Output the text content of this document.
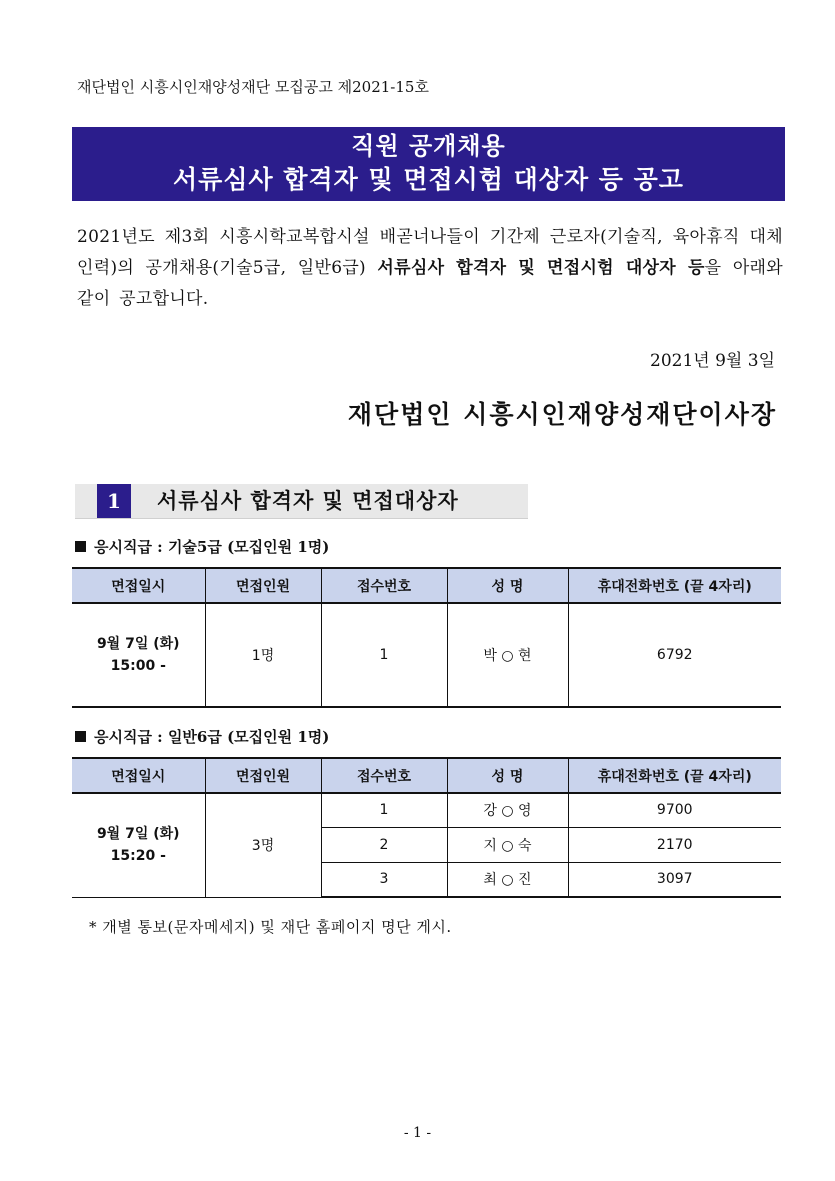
재단법인 시흥시인재양성재단 모집공고 제2021-15호
직원 공개채용
서류심사 합격자 및 면접시험 대상자 등 공고
2021년도 제3회 시흥시학교복합시설 배곧너나들이 기간제 근로자(기술직, 육아휴직 대체인력)의 공개채용(기술5급, 일반6급) 서류심사 합격자 및 면접시험 대상자 등을 아래와 같이 공고합니다.
2021년 9월 3일
재단법인 시흥시인재양성재단이사장
1	서류심사 합격자 및 면접대상자
응시직급 : 기술5급 (모집인원 1명)
면접일시	면접인원	접수번호	성 명	휴대전화번호 (끝 4자리)

9월 7일 (화)
15:00 -	1명	1	박 ○ 현	6792
응시직급 : 일반6급 (모집인원 1명)
면접일시	면접인원	접수번호	성 명	휴대전화번호 (끝 4자리)

9월 7일 (화)
15:20 -	3명	1	강 ○ 영	9700
		2	지 ○ 숙	2170
		3	최 ○ 진	3097
* 개별 통보(문자메세지) 및 재단 홈페이지 명단 게시.
- 1 -
